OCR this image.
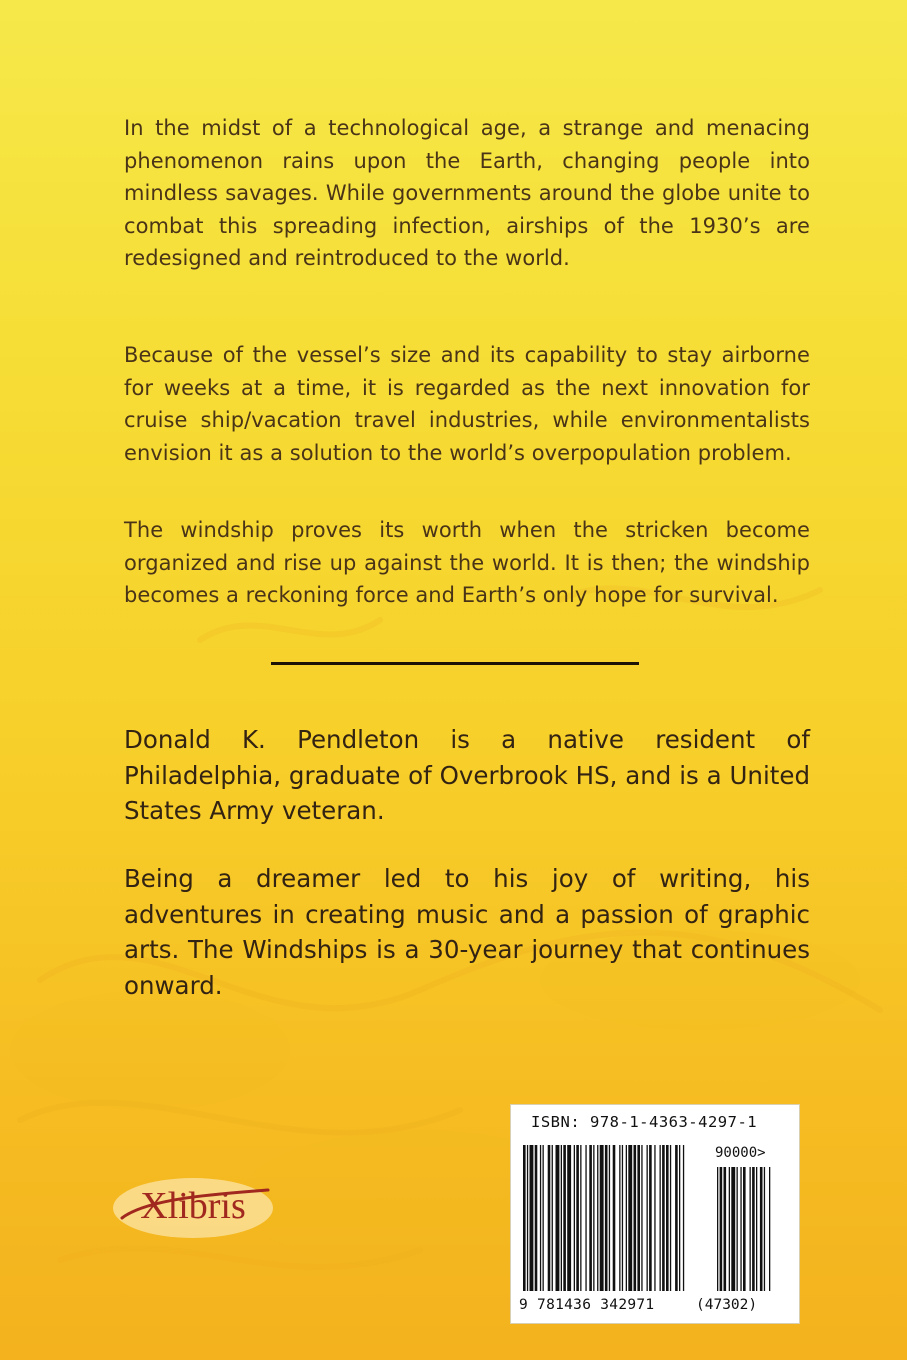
In the midst of a technological age, a strange and menacing phenomenon rains upon the Earth, changing people into mindless savages. While governments around the globe unite to combat this spreading infection, airships of the 1930’s are redesigned and reintroduced to the world.

Because of the vessel’s size and its capability to stay airborne for weeks at a time, it is regarded as the next innovation for cruise ship/vacation travel industries, while environmentalists envision it as a solution to the world’s overpopulation problem.

The windship proves its worth when the stricken become organized and rise up against the world. It is then; the windship becomes a reckoning force and Earth’s only hope for survival.

Donald K. Pendleton is a native resident of Philadelphia, graduate of Overbrook HS, and is a United States Army veteran.

Being a dreamer led to his joy of writing, his adventures in creating music and a passion of graphic arts. The Windships is a 30-year journey that continues onward.

Xlibris
ISBN: 978-1-4363-4297-1
90000>
9 781436 342971	(47302)
